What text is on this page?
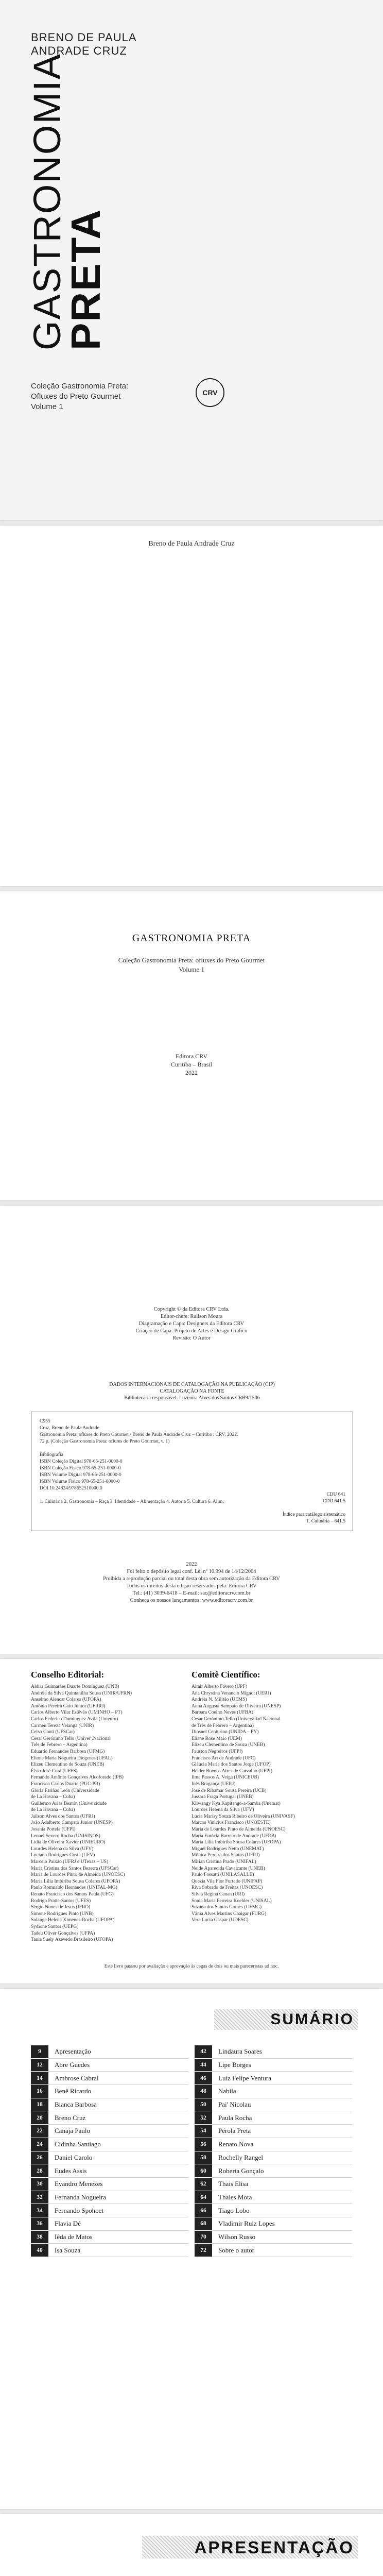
BRENO DE PAULA
ANDRADE CRUZ
GASTRONOMIA
PRETA
Coleção Gastronomia Preta:
Ofluxes do Preto Gourmet
Volume 1
CRV
Breno de Paula Andrade Cruz
GASTRONOMIA PRETA
Coleção Gastronomia Preta: ofluxes do Preto Gourmet
Volume 1
Editora CRV
Curitiba – Brasil
2022
Copyright © da Editora CRV Ltda.
Editor-chefe: Railson Moura
Diagramação e Capa: Designers da Editora CRV
Criação de Capa: Projeto de Artes e Design Gráfico
Revisão: O Autor
DADOS INTERNACIONAIS DE CATALOGAÇÃO NA PUBLICAÇÃO (CIP)
CATALOGAÇÃO NA FONTE
Bibliotecária responsável: Luzenira Alves dos Santos CRB9/1506
C955
Cruz, Breno de Paula Andrade
Gastronomia Preta: oflures do Preto Gourmet / Breno de Paula Andrade Cruz – Curitiba : CRV, 2022.
72 p. (Coleção Gastronomia Preta: oflures do Preto Gourmet, v. 1)

Bibliografia
ISBN Coleção Digital 978-65-251-0000-0
ISBN Coleção Físico 978-65-251-0000-0
ISBN Volume Digital 978-65-251-0000-0
ISBN Volume Físico 978-65-251-0000-0
DOI 10.24824/978652510000.0

1. Culinária 2. Gastronomia – Raça 3. Identidade – Alimentação 4. Autoria 5. Cultura 6. Alim.
CDU 641
CDD 641.5

Índice para catálogo sistemático
1. Culinária – 641.5
2022
Foi feito o depósito legal conf. Lei nº 10.994 de 14/12/2004
Proibida a reprodução parcial ou total desta obra sem autorização da Editora CRV
Todos os direitos desta edição reservados pela: Editora CRV
Tel.: (41) 3039-6418 – E-mail: sac@editoracrv.com.br
Conheça os nossos lançamentos: www.editoracrv.com.br
Conselho Editorial:
Aldira Guimarães Duarte Domínguez (UNB)
Andréia da Silva Quintanilha Sousa (UNIR/UFRN)
Anselmo Alencar Colares (UFOPA)
Antônio Pereira Gaio Júnior (UFRRJ)
Carlos Alberto Vilar Estêvão (UMINHO – PT)
Carlos Federico Dominguez Avila (Unieuro)
Carmen Tereza Velanga (UNIR)
Celso Conti (UFSCar)
Cesar Gerónimo Tello (Univer .Nacional
Três de Febrero – Argentina)
Eduardo Fernandes Barbosa (UFMG)
Elione Maria Nogueira Diogenes (UFAL)
Elizeu Clementino de Souza (UNEB)
Élsio José Corá (UFFS)
Fernando Antônio Gonçalves Alcoforado (IPB)
Francisco Carlos Duarte (PUC-PR)
Gloria Fariñas León (Universidade
de La Havana – Cuba)
Guillermo Arias Beatón (Universidade
de La Havana – Cuba)
Jailson Alves dos Santos (UFRJ)
João Adalberto Campato Junior (UNESP)
Josania Portela (UFPI)
Leonel Severo Rocha (UNISINOS)
Lídia de Oliveira Xavier (UNIEURO)
Lourdes Helena da Silva (UFV)
Luciano Rodrigues Costa (UFV)
Marcelo Paixão (UFRJ e UTexas – US)
Maria Cristina dos Santos Bezerra (UFSCar)
Maria de Lourdes Pinto de Almeida (UNOESC)
Maria Lília Imbiriba Sousa Colares (UFOPA)
Paulo Romualdo Hernandes (UNIFAL-MG)
Renato Francisco dos Santos Paula (UFG)
Rodrigo Pratte-Santos (UFES)
Sérgio Nunes de Jesus (IFRO)
Simone Rodrigues Pinto (UNB)
Solange Helena Ximenes-Rocha (UFOPA)
Sydione Santos (UEPG)
Tadeu Oliver Gonçalves (UFPA)
Tania Suely Azevedo Brasileiro (UFOPA)
Comitê Científico:
Altair Alberto Fávero (UPF)
Ana Chrystina Venancio Mignot (UERJ)
Andréia N. Militão (UEMS)
Anna Augusta Sampaio de Oliveira (UNESP)
Barbara Coelho Neves (UFBA)
Cesar Gerónimo Tello (Universidad Nacional
de Três de Febrero – Argentina)
Diosnel Centurion (UNIDA – PY)
Eliane Rose Maio (UEM)
Elizeu Clementino de Souza (UNEB)
Fauston Negreiros (UFPI)
Francisco Ari de Andrade (UFC)
Gláucia Maria dos Santos Jorge (UFOP)
Helder Buenos Aires de Carvalho (UFPI)
Ilma Passos A. Veiga (UNICEUB)
Inês Bragança (UERJ)
José de Ribamar Sousa Pereira (UCB)
Jussara Fraga Portugal (UNEB)
Kilwangy Kya Kapitango-a-Samba (Unemat)
Lourdes Helena da Silva (UFV)
Lucia Marisy Souza Ribeiro de Oliveira (UNIVASF)
Marcos Vinicius Francisco (UNOESTE)
Maria de Lourdes Pinto de Almeida (UNOESC)
Maria Eurácia Barreto de Andrade (UFRB)
Maria Lília Imbiriba Sousa Colares (UFOPA)
Míguel Rodrigues Netto (UNEMAT)
Mônica Pereira dos Santos (UFRJ)
Mirian Cristina Prado (UNIFAL)
Neide Aparecida Cavalcante (UNEB)
Paulo Fossatti (UNILASALLE)
Quezia Vila Flor Furtado (UNIFAP)
Riva Sobrado de Freitas (UNOESC)
Silvia Regina Canan (URI)
Sonia Maria Ferreira Koehler (UNISAL)
Suzana dos Santos Gomes (UFMG)
Vânia Alves Martins Chaigar (FURG)
Vera Lucia Gaspar (UDESC)
Este livro passou por avaliação e aprovação às cegas de dois ou mais pareceristas ad hoc.
SUMÁRIO
9	Apresentação
12	Abre Guedes
14	Ambrose Cabral
16	Benê Ricardo
18	Bianca Barbosa
20	Breno Cruz
22	Canaja Paulo
24	Cidinha Santiago
26	Daniel Carolo
28	Eudes Assis
30	Evandro Menezes
32	Fernanda Nogueira
34	Fernando Spohoet
36	Flavia Dé
38	Iêda de Matos
40	Isa Souza
42	Lindaura Soares
44	Lipe Borges
46	Luiz Felipe Ventura
48	Nabila
50	Pai' Nicolau
52	Paula Rocha
54	Pérola Preta
56	Renato Nova
58	Rochelly Rangel
60	Roberta Gonçalo
62	Thais Elisa
64	Thales Mota
66	Tiago Lobo
68	Vladimir Ruiz Lopes
70	Wilson Russo
72	Sobre o autor
APRESENTAÇÃO
